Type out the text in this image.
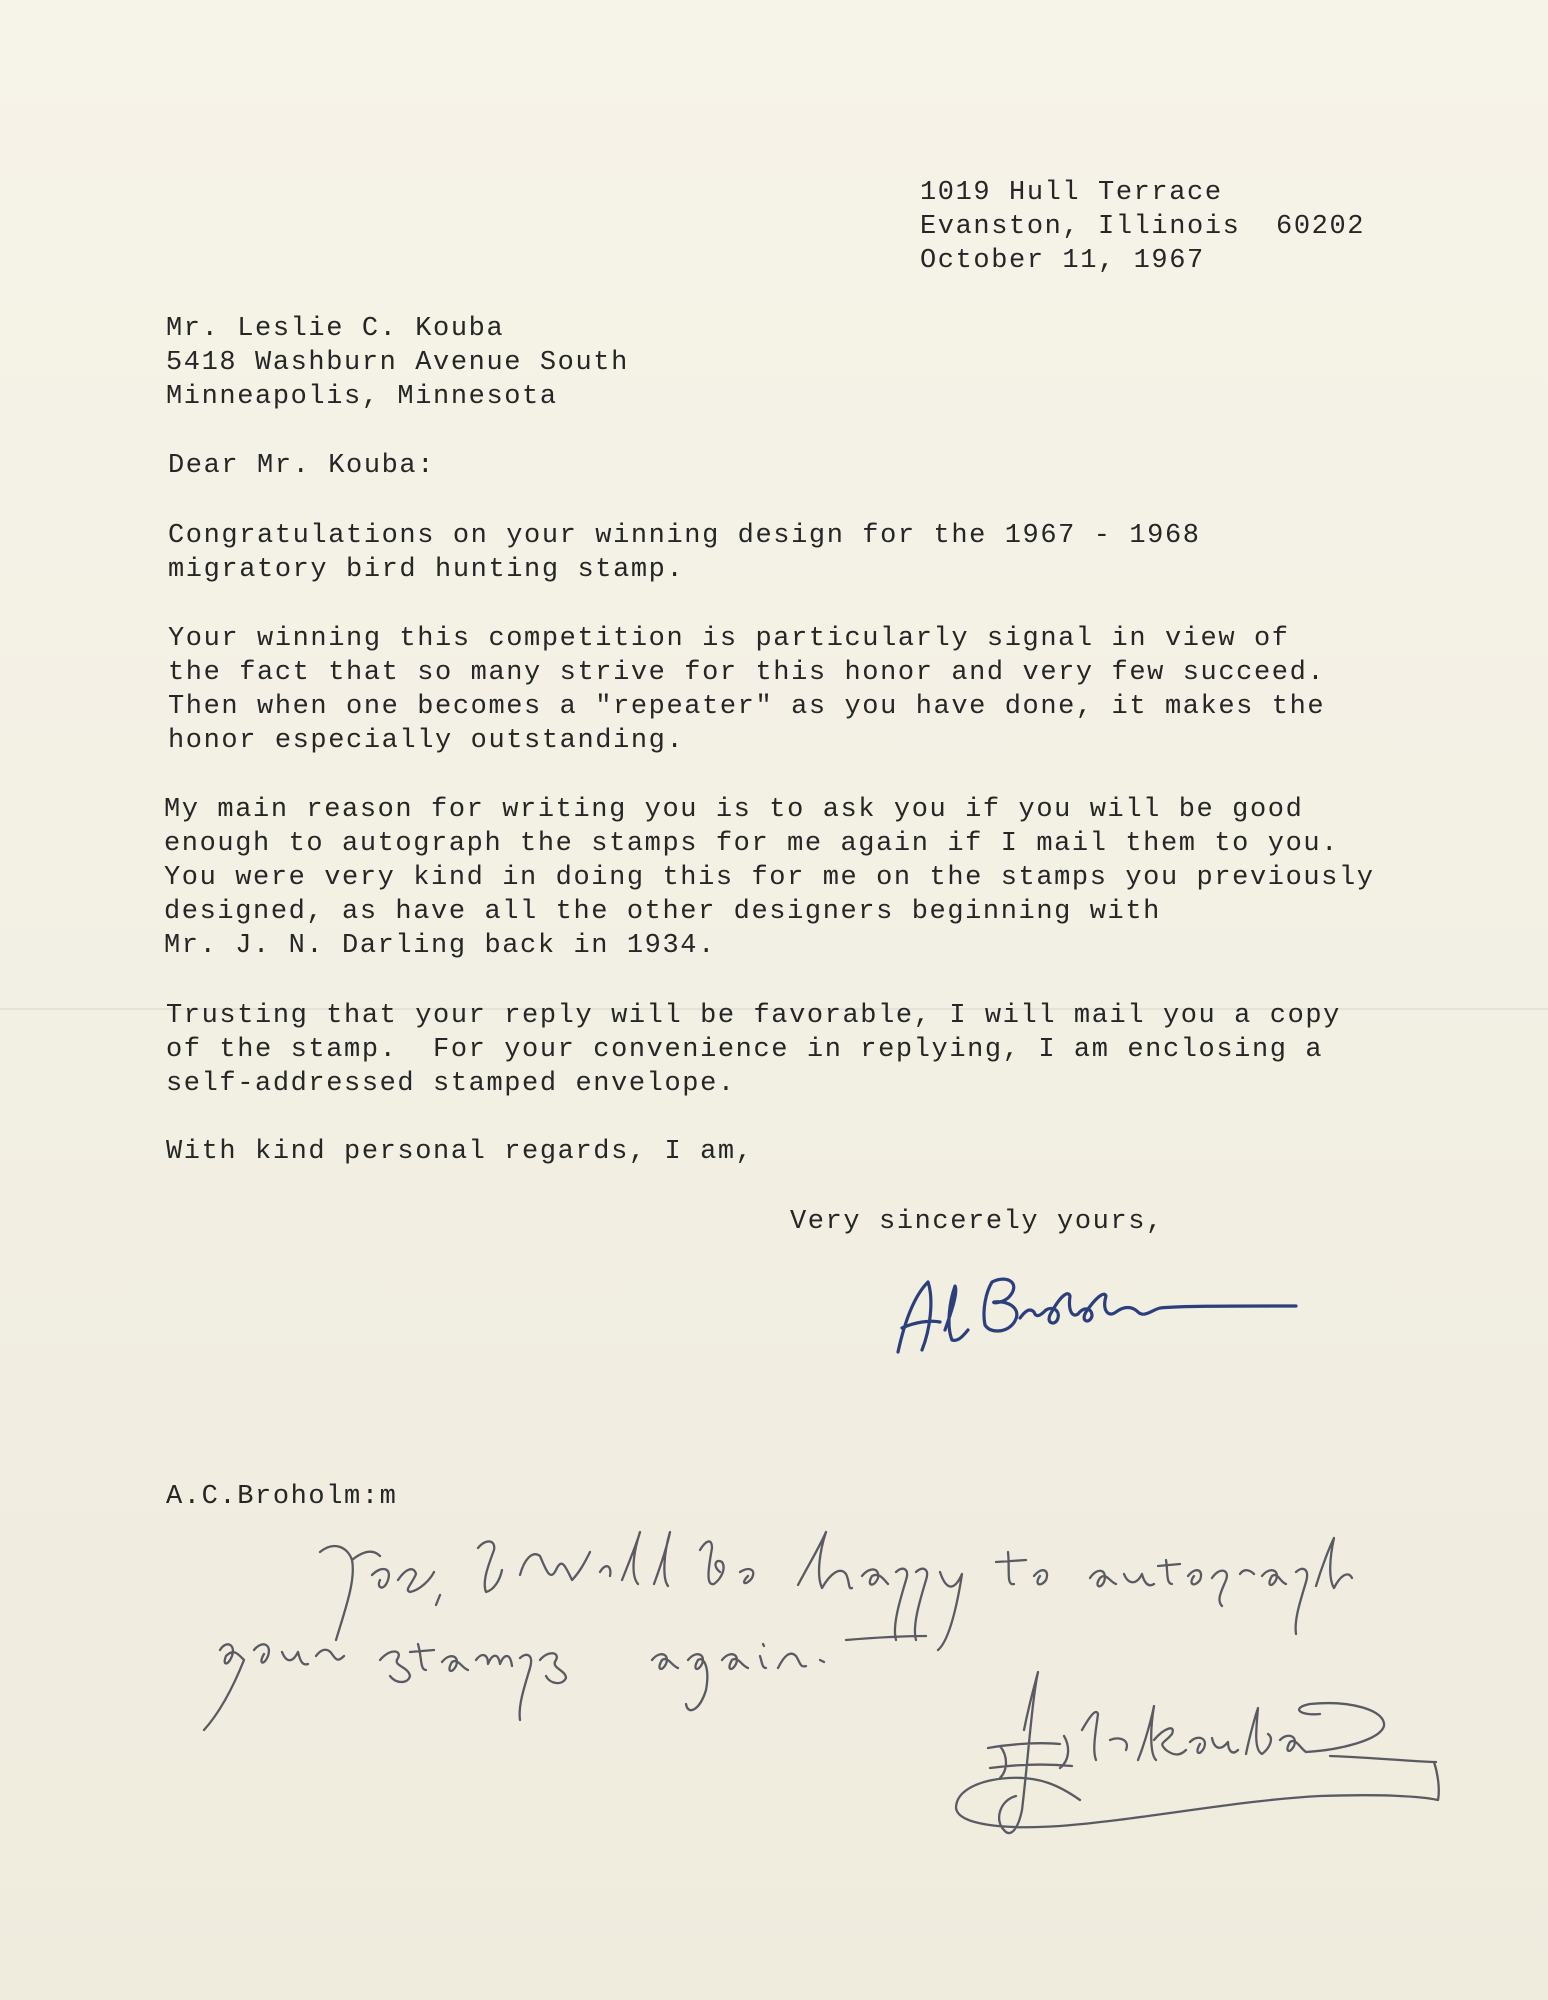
1019 Hull Terrace

Evanston, Illinois  60202

October 11, 1967

Mr. Leslie C. Kouba

5418 Washburn Avenue South

Minneapolis, Minnesota

Dear Mr. Kouba:

Congratulations on your winning design for the 1967 - 1968

migratory bird hunting stamp.

Your winning this competition is particularly signal in view of

the fact that so many strive for this honor and very few succeed.

Then when one becomes a "repeater" as you have done, it makes the

honor especially outstanding.

My main reason for writing you is to ask you if you will be good

enough to autograph the stamps for me again if I mail them to you.

You were very kind in doing this for me on the stamps you previously

designed, as have all the other designers beginning with

Mr. J. N. Darling back in 1934.

Trusting that your reply will be favorable, I will mail you a copy

of the stamp.  For your convenience in replying, I am enclosing a

self-addressed stamped envelope.

With kind personal regards, I am,

Very sincerely yours,

A.C.Broholm:m
